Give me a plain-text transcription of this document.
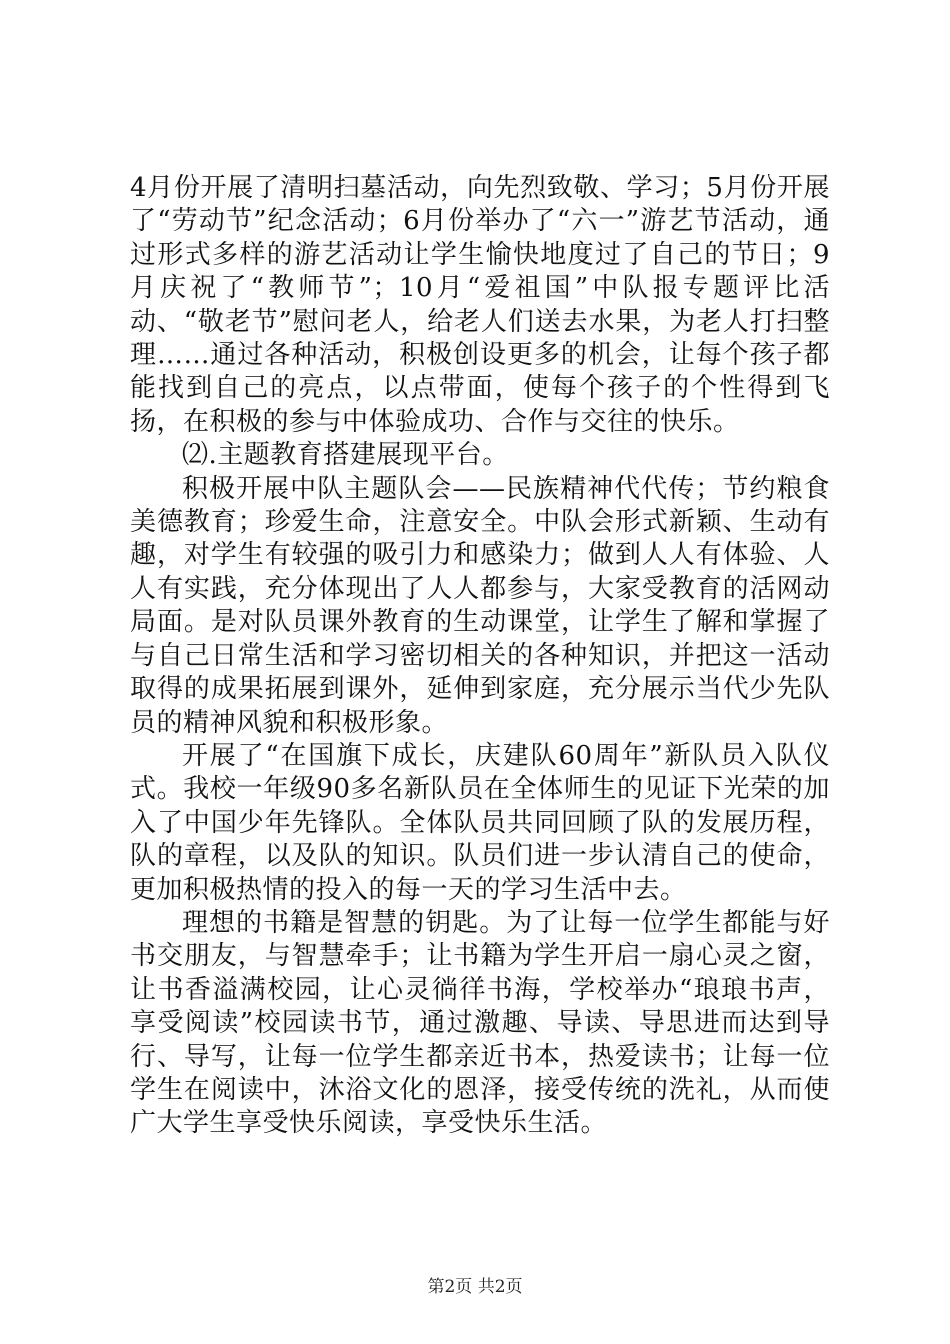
4月份开展了清明扫墓活动，向先烈致敬、学习；5月份开展了“劳动节”纪念活动；6月份举办了“六一”游艺节活动，通过形式多样的游艺活动让学生愉快地度过了自己的节日；9月庆祝了“教师节”；10月“爱祖国”中队报专题评比活动、“敬老节”慰问老人，给老人们送去水果，为老人打扫整理……通过各种活动，积极创设更多的机会，让每个孩子都能找到自己的亮点，以点带面，使每个孩子的个性得到飞扬，在积极的参与中体验成功、合作与交往的快乐。

⑵.主题教育搭建展现平台。

积极开展中队主题队会——民族精神代代传；节约粮食美德教育；珍爱生命，注意安全。中队会形式新颖、生动有趣，对学生有较强的吸引力和感染力；做到人人有体验、人人有实践，充分体现出了人人都参与，大家受教育的活网动局面。是对队员课外教育的生动课堂，让学生了解和掌握了与自己日常生活和学习密切相关的各种知识，并把这一活动取得的成果拓展到课外，延伸到家庭，充分展示当代少先队员的精神风貌和积极形象。

开展了“在国旗下成长，庆建队60周年”新队员入队仪式。我校一年级90多名新队员在全体师生的见证下光荣的加入了中国少年先锋队。全体队员共同回顾了队的发展历程，队的章程，以及队的知识。队员们进一步认清自己的使命，更加积极热情的投入的每一天的学习生活中去。

理想的书籍是智慧的钥匙。为了让每一位学生都能与好书交朋友，与智慧牵手；让书籍为学生开启一扇心灵之窗，让书香溢满校园，让心灵徜徉书海，学校举办“琅琅书声，享受阅读”校园读书节，通过激趣、导读、导思进而达到导行、导写，让每一位学生都亲近书本，热爱读书；让每一位学生在阅读中，沐浴文化的恩泽，接受传统的洗礼，从而使广大学生享受快乐阅读，享受快乐生活。

第2页 共2页
